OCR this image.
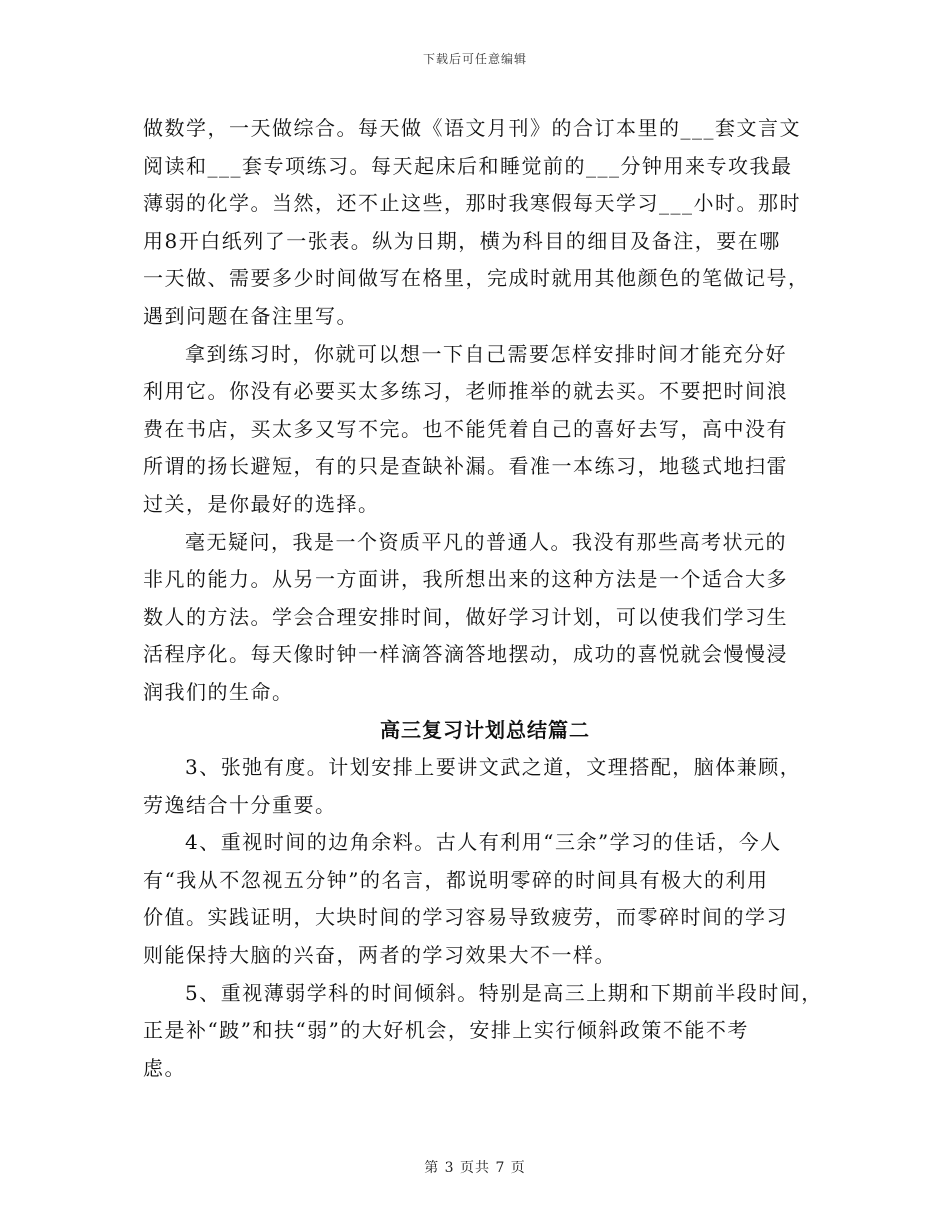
下载后可任意编辑
做数学，一天做综合。每天做《语文月刊》的合订本里的___套文言文
阅读和___套专项练习。每天起床后和睡觉前的___分钟用来专攻我最
薄弱的化学。当然，还不止这些，那时我寒假每天学习___小时。那时
用8开白纸列了一张表。纵为日期，横为科目的细目及备注，要在哪
一天做、需要多少时间做写在格里，完成时就用其他颜色的笔做记号，
遇到问题在备注里写。
拿到练习时，你就可以想一下自己需要怎样安排时间才能充分好
利用它。你没有必要买太多练习，老师推举的就去买。不要把时间浪
费在书店，买太多又写不完。也不能凭着自己的喜好去写，高中没有
所谓的扬长避短，有的只是查缺补漏。看准一本练习，地毯式地扫雷
过关，是你最好的选择。
毫无疑问，我是一个资质平凡的普通人。我没有那些高考状元的
非凡的能力。从另一方面讲，我所想出来的这种方法是一个适合大多
数人的方法。学会合理安排时间，做好学习计划，可以使我们学习生
活程序化。每天像时钟一样滴答滴答地摆动，成功的喜悦就会慢慢浸
润我们的生命。
高三复习计划总结篇二
3、张弛有度。计划安排上要讲文武之道，文理搭配，脑体兼顾，
劳逸结合十分重要。
4、重视时间的边角余料。古人有利用“三余”学习的佳话，今人
有“我从不忽视五分钟”的名言，都说明零碎的时间具有极大的利用
价值。实践证明，大块时间的学习容易导致疲劳，而零碎时间的学习
则能保持大脑的兴奋，两者的学习效果大不一样。
5、重视薄弱学科的时间倾斜。特别是高三上期和下期前半段时间，
正是补“跛”和扶“弱”的大好机会，安排上实行倾斜政策不能不考
虑。
第 3 页共 7 页
